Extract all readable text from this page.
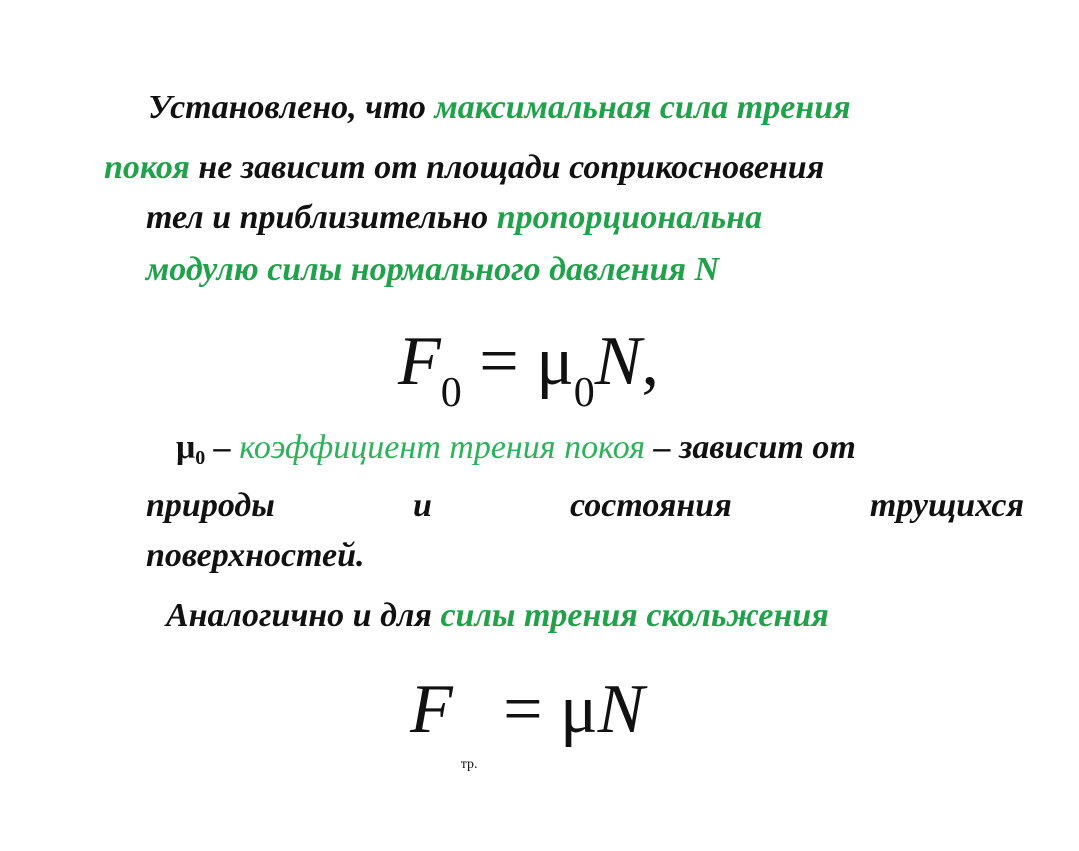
Установлено, что максимальная сила трения
покоя не зависит от площади соприкосновения
тел и приблизительно пропорциональна
модулю силы нормального давления N
$F_0 = \mu_0N$,
$\mu_0$ – коэффициент трения покоя – зависит от
природы	и	состояния	трущихся
поверхностей.
Аналогично и для силы трения скольжения
$F_{тр.} = \mu N$
